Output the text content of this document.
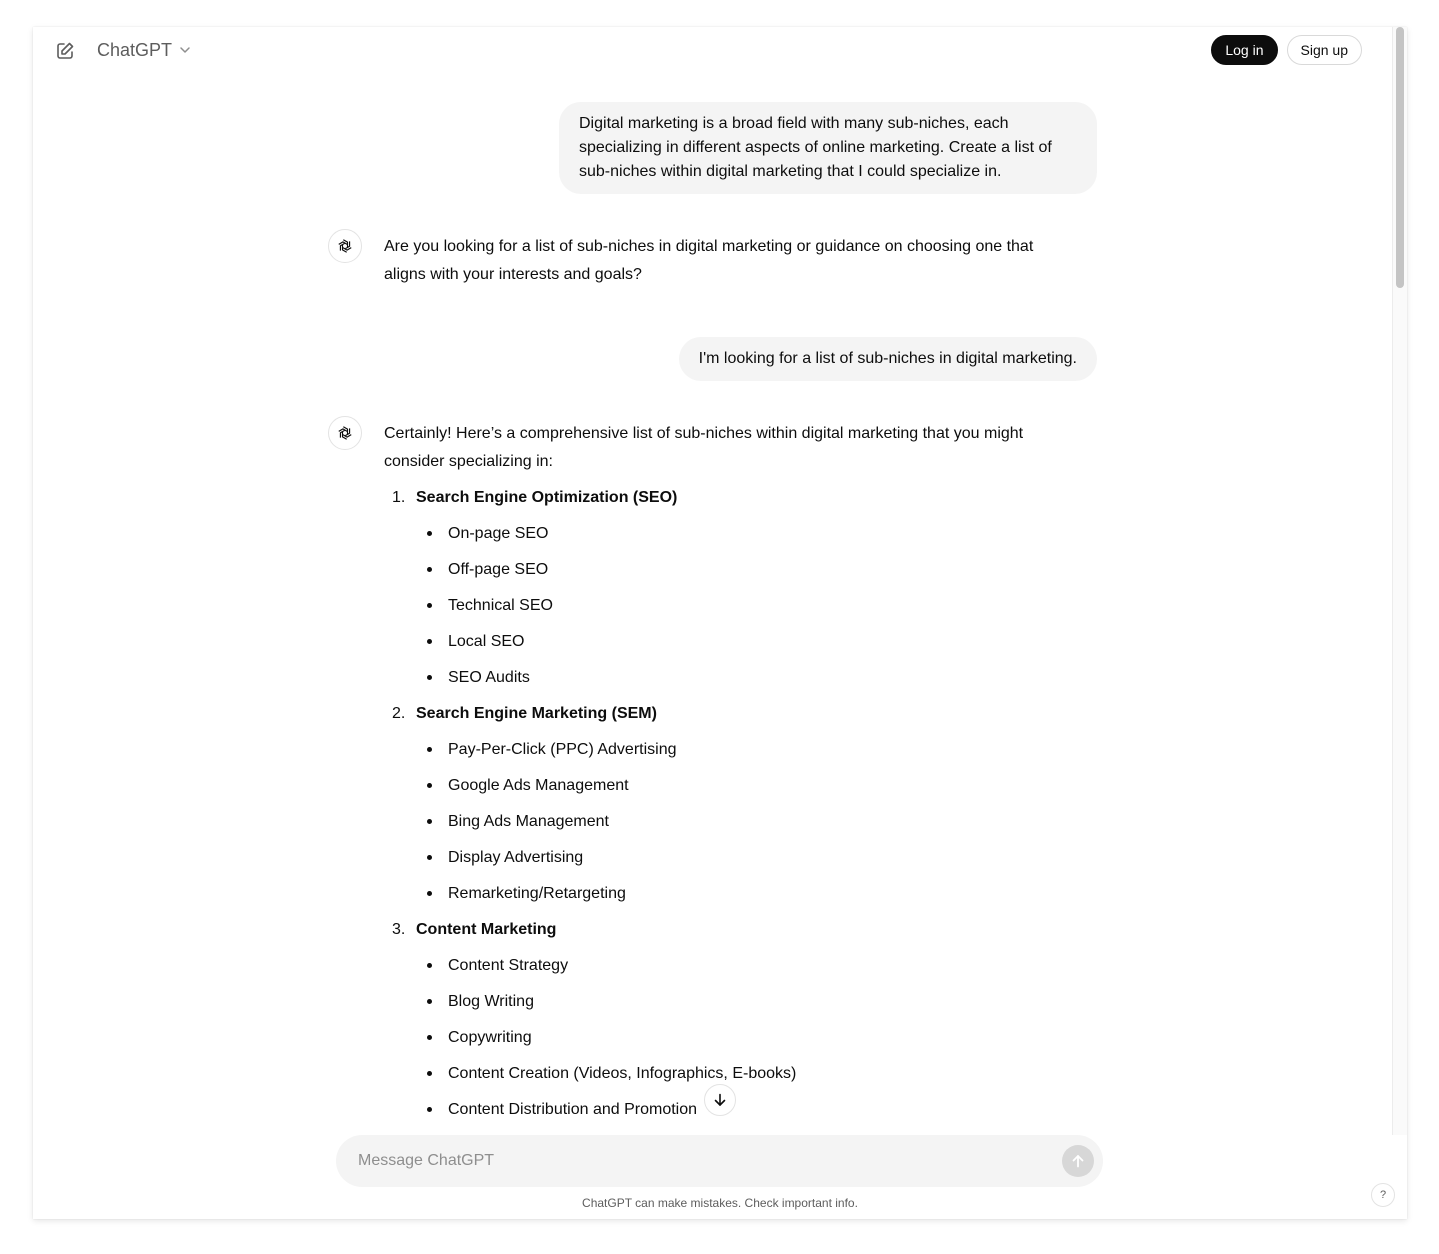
Digital marketing is a broad field with many sub-niches, each specializing in different aspects of online marketing. Create a list of sub-niches within digital marketing that I could specialize in.
Are you looking for a list of sub-niches in digital marketing or guidance on choosing one that aligns with your interests and goals?
I'm looking for a list of sub-niches in digital marketing.

Certainly! Here’s a comprehensive list of sub-niches within digital marketing that you might consider specializing in:

1. Search Engine Optimization (SEO)
On-page SEO
Off-page SEO
Technical SEO
Local SEO
SEO Audits
2. Search Engine Marketing (SEM)
Pay-Per-Click (PPC) Advertising
Google Ads Management
Bing Ads Management
Display Advertising
Remarketing/Retargeting
3. Content Marketing
Content Strategy
Blog Writing
Copywriting
Content Creation (Videos, Infographics, E-books)
Content Distribution and Promotion
ChatGPT	Log in	Sign up
Message ChatGPT
ChatGPT can make mistakes. Check important info.
?
